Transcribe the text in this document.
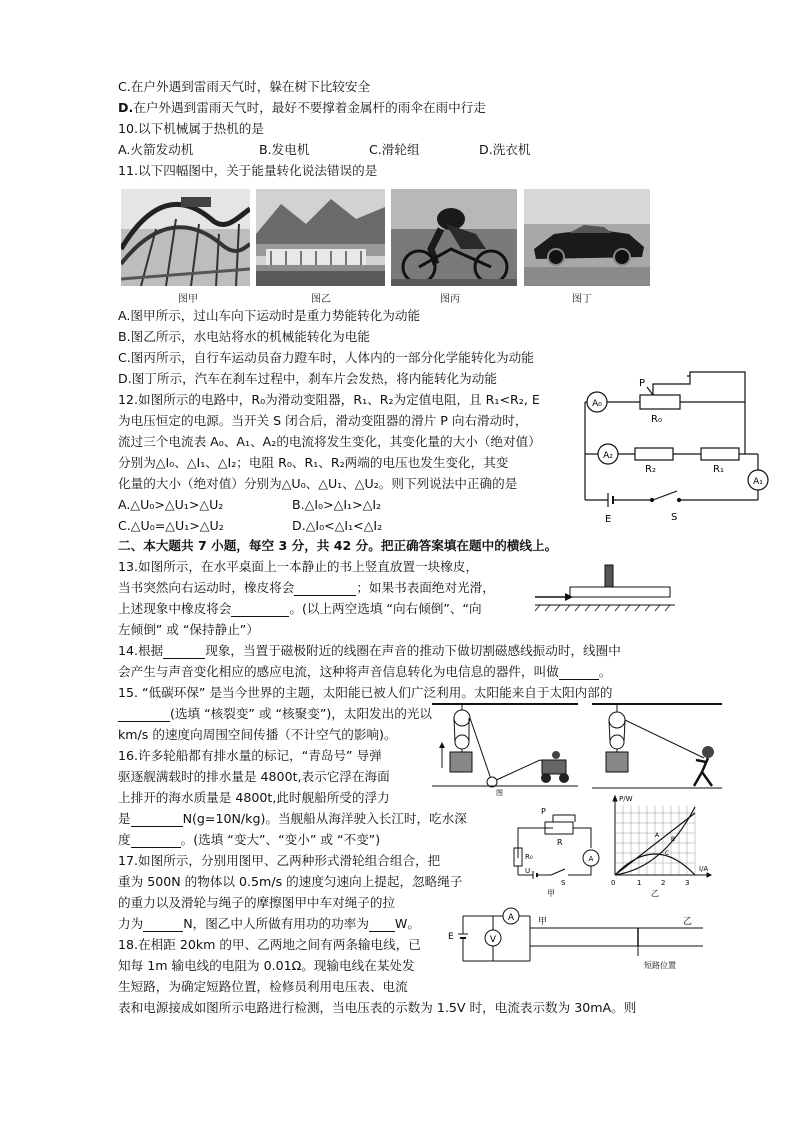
C.在户外遇到雷雨天气时，躲在树下比较安全
D.在户外遇到雷雨天气时，最好不要撑着金属杆的雨伞在雨中行走
10.以下机械属于热机的是
A.火箭发动机	B.发电机	C.滑轮组	D.洗衣机
11.以下四幅图中，关于能量转化说法错误的是
图甲	图乙	图丙	图丁
A.图甲所示，过山车向下运动时是重力势能转化为动能
B.图乙所示，水电站将水的机械能转化为电能
C.图丙所示，自行车运动员奋力蹬车时，人体内的一部分化学能转化为动能
D.图丁所示，汽车在刹车过程中，刹车片会发热，将内能转化为动能
12.如图所示的电路中，R₀为滑动变阻器，R₁、R₂为定值电阻，且 R₁<R₂, E
为电压恒定的电源。当开关 S 闭合后，滑动变阻器的滑片 P 向右滑动时，
流过三个电流表 A₀、A₁、A₂的电流将发生变化，其变化量的大小（绝对值）
分别为△I₀、△I₁、△I₂；电阻 R₀、R₁、R₂两端的电压也发生变化，其变
化量的大小（绝对值）分别为△U₀、△U₁、△U₂。则下列说法中正确的是
A.△U₀>△U₁>△U₂	B.△I₀>△I₁>△I₂
C.△U₀=△U₁>△U₂	D.△I₀<△I₁<△I₂
A₀
A₂
A₁
P
R₀
R₂	R₁
E	S
二、本大题共 7 小题，每空 3 分，共 42 分。把正确答案填在题中的横线上。
13.如图所示，在水平桌面上一本静止的书上竖直放置一块橡皮，
当书突然向右运动时，橡皮将会	；如果书表面绝对光滑，
上述现象中橡皮将会	。(以上两空选填 “向右倾倒”、“向
左倾倒” 或 “保持静止”）
14.根据	现象，当置于磁极附近的线圈在声音的推动下做切割磁感线振动时，线圈中
会产生与声音变化相应的感应电流，这种将声音信息转化为电信息的器件，叫做	。
15. “低碳环保” 是当今世界的主题，太阳能已被人们广泛利用。太阳能来自于太阳内部的
(选填 “核裂变” 或 “核聚变”)，太阳发出的光以
km/s 的速度向周围空间传播（不计空气的影响)。
16.许多轮船都有排水量的标记，“青岛号” 导弹
驱逐舰满载时的排水量是 4800t,表示它浮在海面
上排开的海水质量是 4800t,此时舰船所受的浮力
是	N(g=10N/kg)。当舰船从海洋驶入长江时，吃水深
度	。(选填 “变大”、“变小” 或 “不变”)
图
17.如图所示，分别用图甲、乙两种形式滑轮组合组合，把
重为 500N 的物体以 0.5m/s 的速度匀速向上提起，忽略绳子
的重力以及滑轮与绳子的摩擦图甲中车对绳子的拉
力为	N，图乙中人所做有用功的功率为 W。
P
R
R₀
U
S
A
甲
P/W
I/A
0	1	2	3
A
B
C
乙
18.在相距 20km 的甲、乙两地之间有两条输电线，已
知每 1m 输电线的电阻为 0.01Ω。现输电线在某处发
生短路，为确定短路位置，检修员利用电压表、电流
表和电源接成如图所示电路进行检测，当电压表的示数为 1.5V 时，电流表示数为 30mA。则
A
V
E
甲	乙
短路位置
